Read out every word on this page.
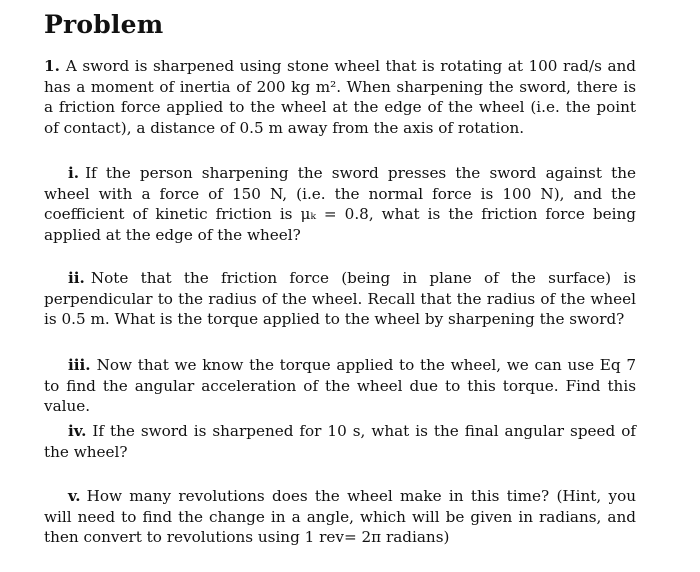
Problem

1. A sword is sharpened using stone wheel that is rotating at 100 rad/s and has a moment of inertia of 200 kg m². When sharpening the sword, there is a friction force applied to the wheel at the edge of the wheel (i.e. the point of contact), a distance of 0.5 m away from the axis of rotation.

i. If the person sharpening the sword presses the sword against the wheel with a force of 150 N, (i.e. the normal force is 100 N), and the coefficient of kinetic friction is μₖ = 0.8, what is the friction force being applied at the edge of the wheel?

ii. Note that the friction force (being in plane of the surface) is perpendicular to the radius of the wheel. Recall that the radius of the wheel is 0.5 m. What is the torque applied to the wheel by sharpening the sword?

iii. Now that we know the torque applied to the wheel, we can use Eq 7 to find the angular acceleration of the wheel due to this torque. Find this value.

iv. If the sword is sharpened for 10 s, what is the final angular speed of the wheel?

v. How many revolutions does the wheel make in this time? (Hint, you will need to find the change in a angle, which will be given in radians, and then convert to revolutions using 1 rev= 2π radians)
